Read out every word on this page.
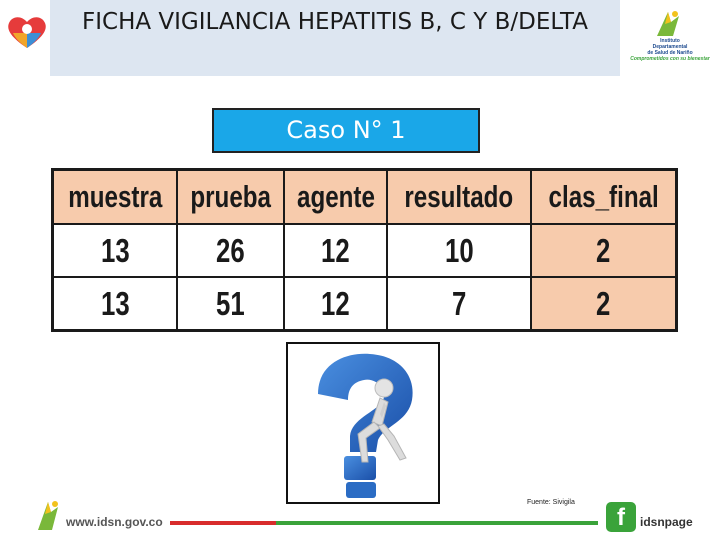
FICHA VIGILANCIA HEPATITIS B, C Y B/DELTA
Instituto
Departamental
de Salud de Nariño
Comprometidos con su bienestar
Caso N° 1
muestra	prueba	agente	resultado	clas_final
13	26	12	10	2
13	51	12	7	2
Fuente: Sivigila
www.idsn.gov.co	f	idsnpage
